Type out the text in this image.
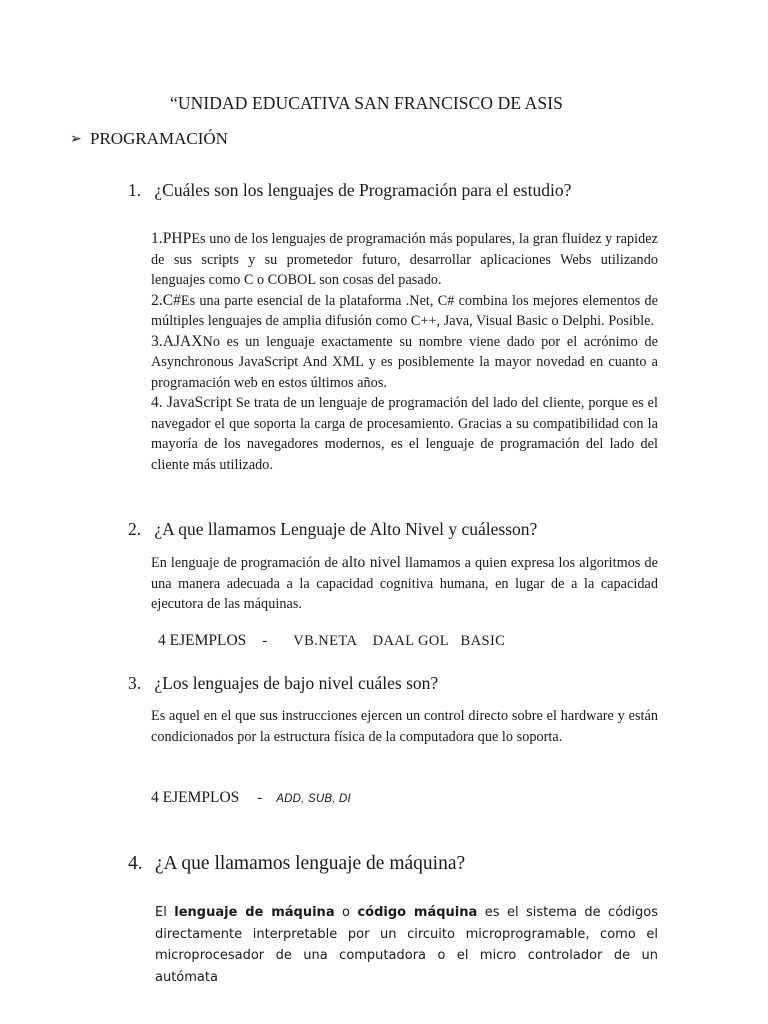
“UNIDAD EDUCATIVA SAN FRANCISCO DE ASIS
➢ PROGRAMACIÓN
1. ¿Cuáles son los lenguajes de Programación para el estudio?
1.PHPEs uno de los lenguajes de programación más populares, la gran fluidez y rapidez de sus scripts y su prometedor futuro, desarrollar aplicaciones Webs utilizando lenguajes como C o COBOL son cosas del pasado.
2.C#Es una parte esencial de la plataforma .Net, C# combina los mejores elementos de múltiples lenguajes de amplia difusión como C++, Java, Visual Basic o Delphi. Posible.
3.AJAXNo es un lenguaje exactamente su nombre viene dado por el acrónimo de Asynchronous JavaScript And XML y es posiblemente la mayor novedad en cuanto a programación web en estos últimos años.
4. JavaScript Se trata de un lenguaje de programación del lado del cliente, porque es el navegador el que soporta la carga de procesamiento. Gracias a su compatibilidad con la mayoría de los navegadores modernos, es el lenguaje de programación del lado del cliente más utilizado.
2. ¿A que llamamos Lenguaje de Alto Nivel y cuálesson?
En lenguaje de programación de alto nivel llamamos a quien expresa los algoritmos de una manera adecuada a la capacidad cognitiva humana, en lugar de a la capacidad ejecutora de las máquinas.
4 EJEMPLOS - VB.NETA    DAAL GOL   BASIC
3. ¿Los lenguajes de bajo nivel cuáles son?
Es aquel en el que sus instrucciones ejercen un control directo sobre el hardware y están condicionados por la estructura física de la computadora que lo soporta.
4 EJEMPLOS - ADD, SUB, DI
4. ¿A que llamamos lenguaje de máquina?
El lenguaje de máquina o código máquina es el sistema de códigos directamente interpretable por un circuito microprogramable, como el microprocesador de una computadora o el micro controlador de un autómata
